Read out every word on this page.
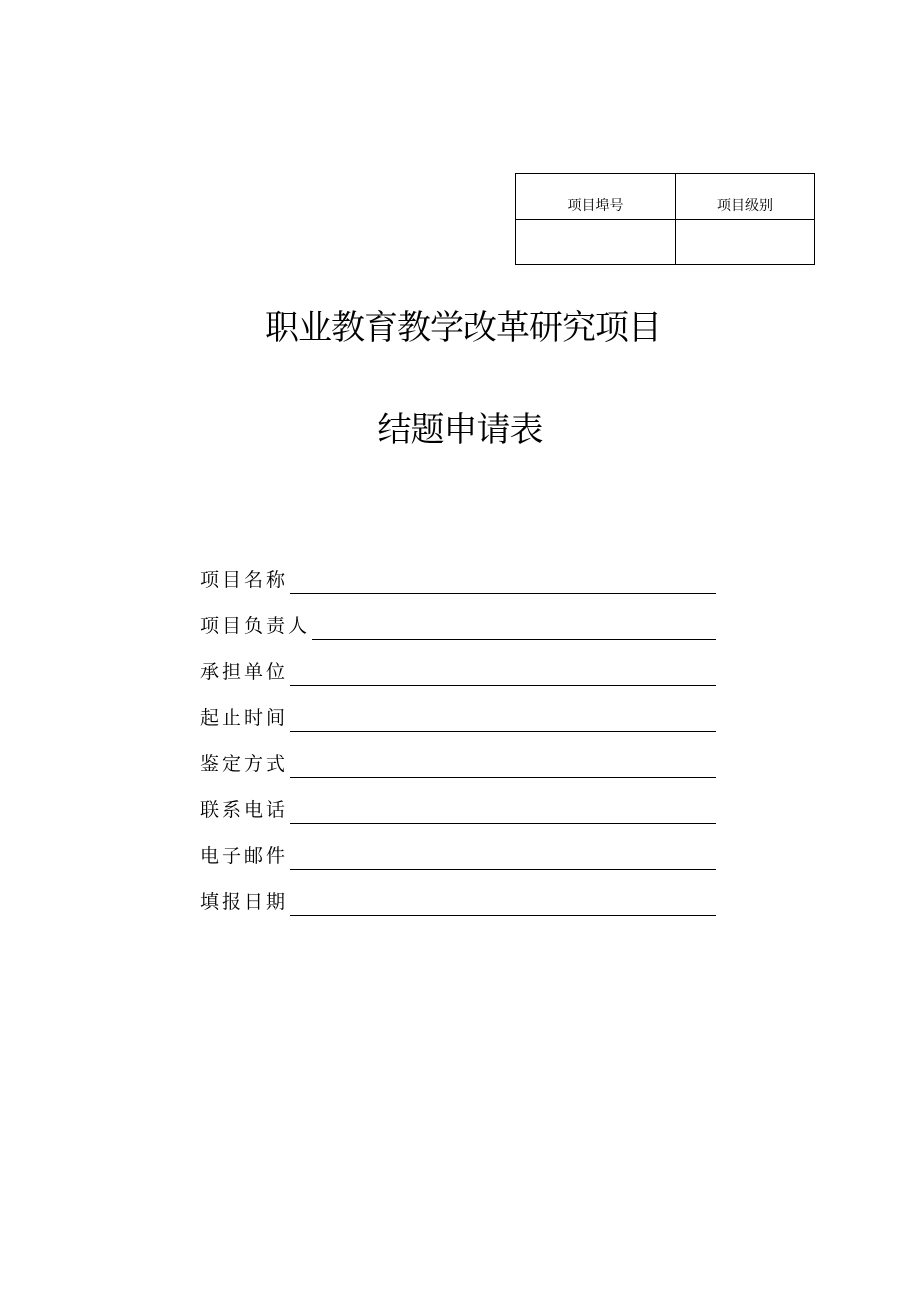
项目埠号	项目级别

职业教育教学改革研究项目
结题申请表
项目名称
项目负责人
承担单位
起止时间
鉴定方式
联系电话
电子邮件
填报日期
